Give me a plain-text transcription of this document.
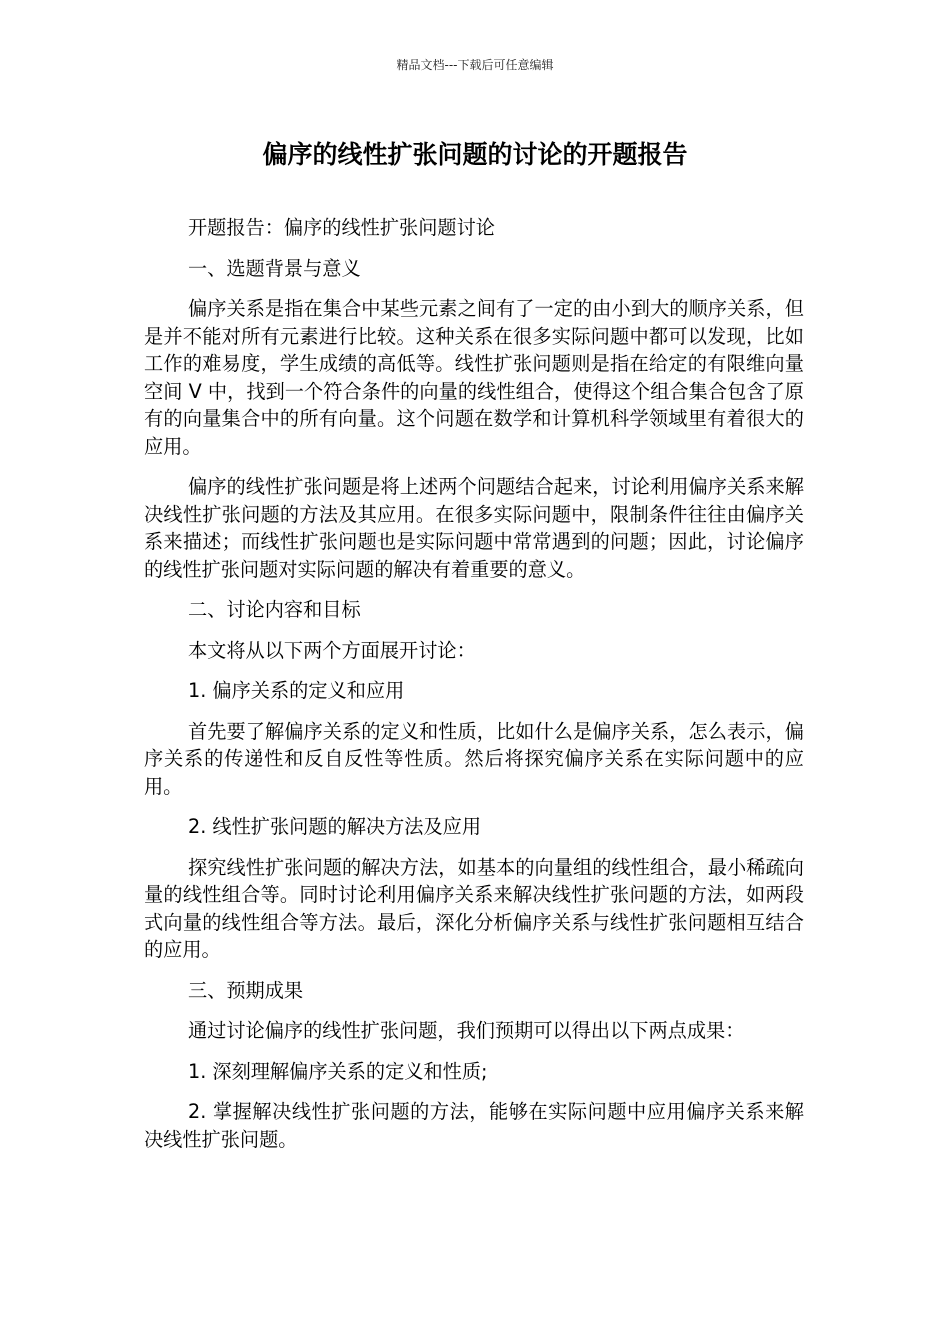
精品文档---下载后可任意编辑
偏序的线性扩张问题的讨论的开题报告

开题报告：偏序的线性扩张问题讨论

一、选题背景与意义

偏序关系是指在集合中某些元素之间有了一定的由小到大的顺序关系，但是并不能对所有元素进行比较。这种关系在很多实际问题中都可以发现，比如工作的难易度，学生成绩的高低等。线性扩张问题则是指在给定的有限维向量空间 V 中，找到一个符合条件的向量的线性组合，使得这个组合集合包含了原有的向量集合中的所有向量。这个问题在数学和计算机科学领域里有着很大的应用。

偏序的线性扩张问题是将上述两个问题结合起来，讨论利用偏序关系来解决线性扩张问题的方法及其应用。在很多实际问题中，限制条件往往由偏序关系来描述；而线性扩张问题也是实际问题中常常遇到的问题；因此，讨论偏序的线性扩张问题对实际问题的解决有着重要的意义。

二、讨论内容和目标

本文将从以下两个方面展开讨论：

1. 偏序关系的定义和应用

首先要了解偏序关系的定义和性质，比如什么是偏序关系，怎么表示，偏序关系的传递性和反自反性等性质。然后将探究偏序关系在实际问题中的应用。

2. 线性扩张问题的解决方法及应用

探究线性扩张问题的解决方法，如基本的向量组的线性组合，最小稀疏向量的线性组合等。同时讨论利用偏序关系来解决线性扩张问题的方法，如两段式向量的线性组合等方法。最后，深化分析偏序关系与线性扩张问题相互结合的应用。

三、预期成果

通过讨论偏序的线性扩张问题，我们预期可以得出以下两点成果：

1. 深刻理解偏序关系的定义和性质;

2. 掌握解决线性扩张问题的方法，能够在实际问题中应用偏序关系来解决线性扩张问题。
